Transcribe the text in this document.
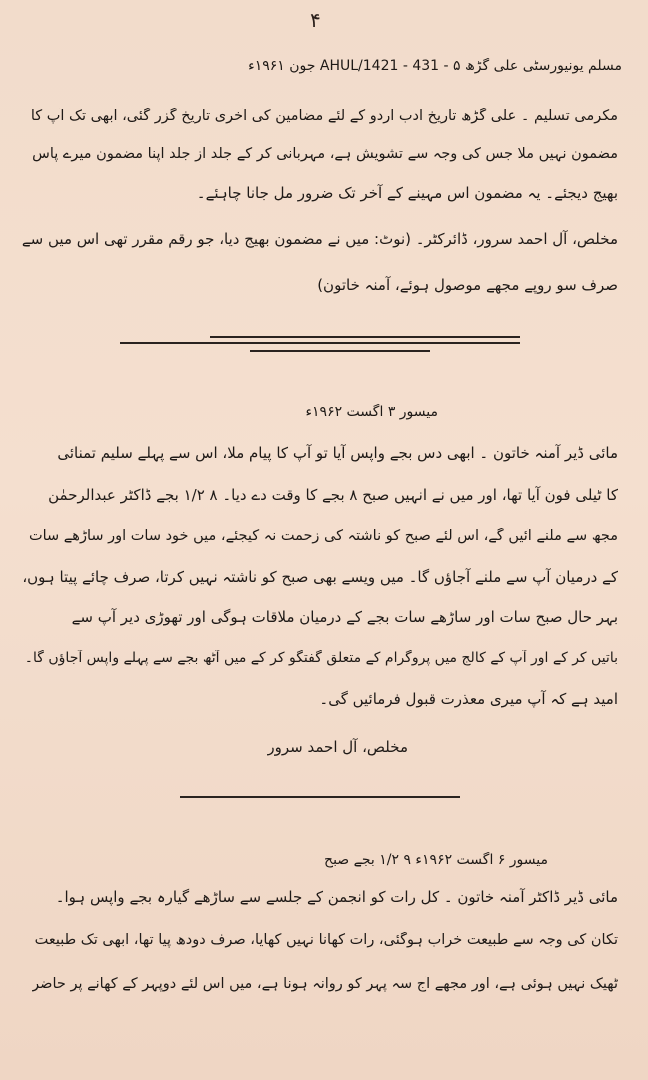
۴
مسلم یونیورسٹی علی گڑھ AHUL/1421 - 431 - ۵ جون ۱۹۶۱ء
مکرمی تسلیم ۔ علی گڑھ تاریخ ادب اردو کے لئے مضامین کی آخری تاریخ گزر گئی، ابھی تک آپ کا
مضمون نہیں ملا جس کی وجہ سے تشویش ہے، مہربانی کر کے جلد از جلد اپنا مضمون میرے پاس
بھیج دیجئے۔ یہ مضمون اس مہینے کے آخر تک ضرور مل جانا چاہئے۔
مخلص، آل احمد سرور، ڈائرکٹر۔ (نوٹ: میں نے مضمون بھیج دیا، جو رقم مقرر تھی اس میں سے
صرف سو روپے مجھے موصول ہوئے، آمنہ خاتون)
میسور ۳ اگست ۱۹۶۲ء
مائی ڈیر آمنہ خاتون ۔ ابھی دس بجے واپس آیا تو آپ کا پیام ملا، اس سے پہلے سلیم تمنائی
کا ٹیلی فون آیا تھا، اور میں نے انہیں صبح ۸ بجے کا وقت دے دیا۔ ۸ ۱/۲ بجے ڈاکٹر عبدالرحمٰن
مجھ سے ملنے آئیں گے، اس لئے صبح کو ناشتہ کی زحمت نہ کیجئے، میں خود سات اور ساڑھے سات
کے درمیان آپ سے ملنے آجاؤں گا۔ میں ویسے بھی صبح کو ناشتہ نہیں کرتا، صرف چائے پیتا ہوں،
بہر حال صبح سات اور ساڑھے سات بجے کے درمیان ملاقات ہوگی اور تھوڑی دیر آپ سے
باتیں کر کے اور آپ کے کالج میں پروگرام کے متعلق گفتگو کر کے میں آٹھ بجے سے پہلے واپس آجاؤں گا۔
امید ہے کہ آپ میری معذرت قبول فرمائیں گی۔
مخلص، آل احمد سرور
میسور ۶ اگست ۱۹۶۲ء ۹ ۱/۲ بجے صبح
مائی ڈیر ڈاکٹر آمنہ خاتون ۔ کل رات کو انجمن کے جلسے سے ساڑھے گیارہ بجے واپس ہوا۔
تکان کی وجہ سے طبیعت خراب ہوگئی، رات کھانا نہیں کھایا، صرف دودھ پیا تھا، ابھی تک طبیعت
ٹھیک نہیں ہوئی ہے، اور مجھے آج سہ پہر کو روانہ ہونا ہے، میں اس لئے دوپہر کے کھانے پر حاضر
